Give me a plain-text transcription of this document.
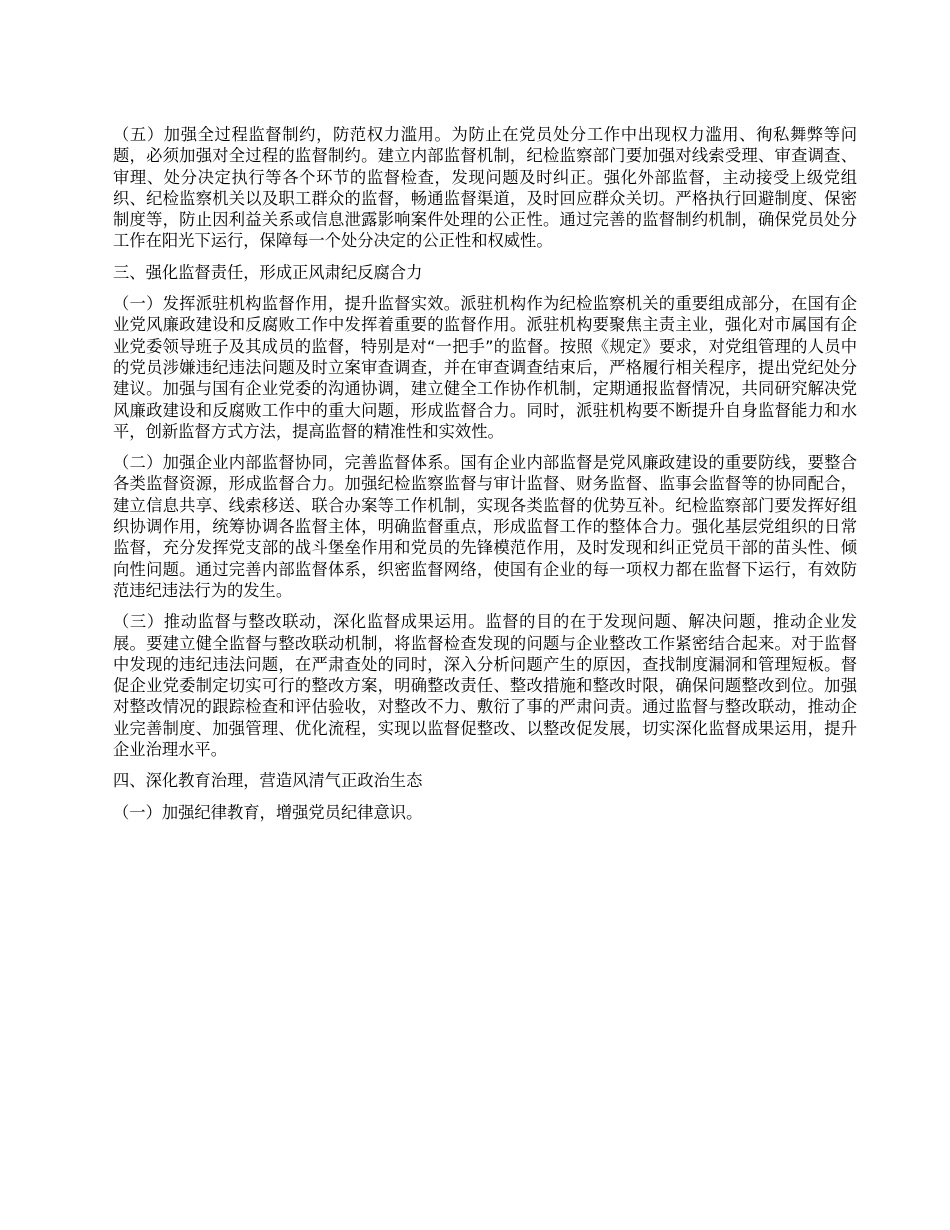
（五）加强全过程监督制约，防范权力滥用。为防止在党员处分工作中出现权力滥用、徇私舞弊等问题，必须加强对全过程的监督制约。建立内部监督机制，纪检监察部门要加强对线索受理、审查调查、审理、处分决定执行等各个环节的监督检查，发现问题及时纠正。强化外部监督，主动接受上级党组织、纪检监察机关以及职工群众的监督，畅通监督渠道，及时回应群众关切。严格执行回避制度、保密制度等，防止因利益关系或信息泄露影响案件处理的公正性。通过完善的监督制约机制，确保党员处分工作在阳光下运行，保障每一个处分决定的公正性和权威性。

三、强化监督责任，形成正风肃纪反腐合力

（一）发挥派驻机构监督作用，提升监督实效。派驻机构作为纪检监察机关的重要组成部分，在国有企业党风廉政建设和反腐败工作中发挥着重要的监督作用。派驻机构要聚焦主责主业，强化对市属国有企业党委领导班子及其成员的监督，特别是对“一把手”的监督。按照《规定》要求，对党组管理的人员中的党员涉嫌违纪违法问题及时立案审查调查，并在审查调查结束后，严格履行相关程序，提出党纪处分建议。加强与国有企业党委的沟通协调，建立健全工作协作机制，定期通报监督情况，共同研究解决党风廉政建设和反腐败工作中的重大问题，形成监督合力。同时，派驻机构要不断提升自身监督能力和水平，创新监督方式方法，提高监督的精准性和实效性。

（二）加强企业内部监督协同，完善监督体系。国有企业内部监督是党风廉政建设的重要防线，要整合各类监督资源，形成监督合力。加强纪检监察监督与审计监督、财务监督、监事会监督等的协同配合，建立信息共享、线索移送、联合办案等工作机制，实现各类监督的优势互补。纪检监察部门要发挥好组织协调作用，统筹协调各监督主体，明确监督重点，形成监督工作的整体合力。强化基层党组织的日常监督，充分发挥党支部的战斗堡垒作用和党员的先锋模范作用，及时发现和纠正党员干部的苗头性、倾向性问题。通过完善内部监督体系，织密监督网络，使国有企业的每一项权力都在监督下运行，有效防范违纪违法行为的发生。

（三）推动监督与整改联动，深化监督成果运用。监督的目的在于发现问题、解决问题，推动企业发展。要建立健全监督与整改联动机制，将监督检查发现的问题与企业整改工作紧密结合起来。对于监督中发现的违纪违法问题，在严肃查处的同时，深入分析问题产生的原因，查找制度漏洞和管理短板。督促企业党委制定切实可行的整改方案，明确整改责任、整改措施和整改时限，确保问题整改到位。加强对整改情况的跟踪检查和评估验收，对整改不力、敷衍了事的严肃问责。通过监督与整改联动，推动企业完善制度、加强管理、优化流程，实现以监督促整改、以整改促发展，切实深化监督成果运用，提升企业治理水平。

四、深化教育治理，营造风清气正政治生态

（一）加强纪律教育，增强党员纪律意识。
